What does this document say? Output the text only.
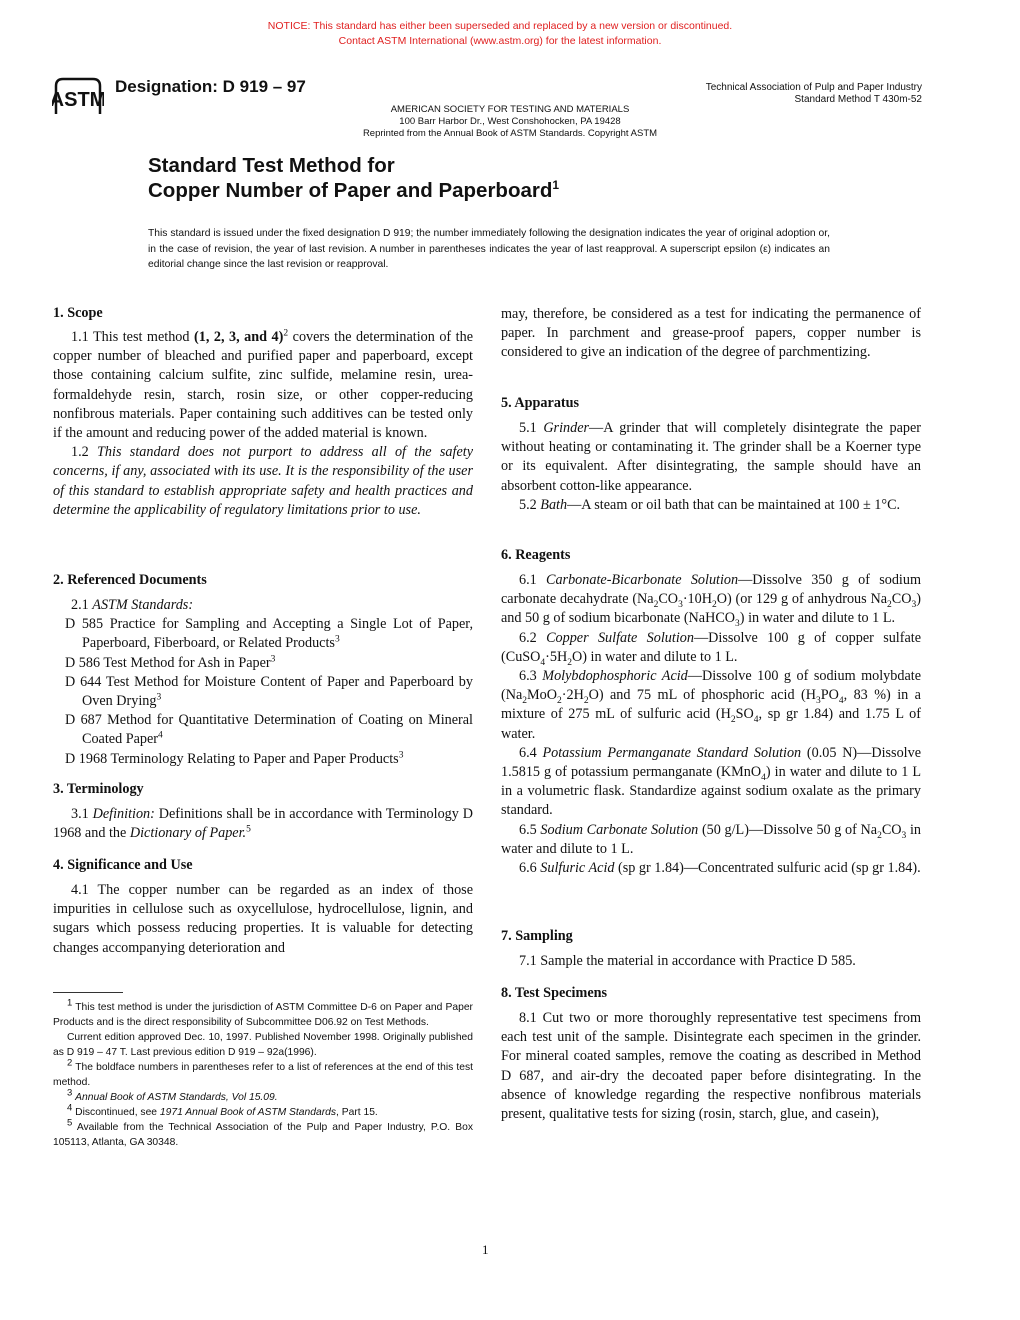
NOTICE: This standard has either been superseded and replaced by a new version or discontinued.
Contact ASTM International (www.astm.org) for the latest information.
ASTM
Designation: D 919 – 97	Technical Association of Pulp and Paper Industry
Standard Method T 430m-52
AMERICAN SOCIETY FOR TESTING AND MATERIALS
100 Barr Harbor Dr., West Conshohocken, PA 19428
Reprinted from the Annual Book of ASTM Standards. Copyright ASTM
Standard Test Method for
Copper Number of Paper and Paperboard$^1$
This standard is issued under the fixed designation D 919; the number immediately following the designation indicates the year of original adoption or, in the case of revision, the year of last revision. A number in parentheses indicates the year of last reapproval. A superscript epsilon (ε) indicates an editorial change since the last revision or reapproval.
1. Scope

1.1 This test method (1, 2, 3, and 4)$^2$ covers the determination of the copper number of bleached and purified paper and paperboard, except those containing calcium sulfite, zinc sulfide, melamine resin, urea-formaldehyde resin, starch, rosin size, or other copper-reducing nonfibrous materials. Paper containing such additives can be tested only if the amount and reducing power of the added material is known.

1.2 This standard does not purport to address all of the safety concerns, if any, associated with its use. It is the responsibility of the user of this standard to establish appropriate safety and health practices and determine the applicability of regulatory limitations prior to use.

2. Referenced Documents

2.1 ASTM Standards:

D 585 Practice for Sampling and Accepting a Single Lot of Paper, Paperboard, Fiberboard, or Related Products$^3$

D 586 Test Method for Ash in Paper$^3$

D 644 Test Method for Moisture Content of Paper and Paperboard by Oven Drying$^3$

D 687 Method for Quantitative Determination of Coating on Mineral Coated Paper$^4$

D 1968 Terminology Relating to Paper and Paper Products$^3$

3. Terminology

3.1 Definition: Definitions shall be in accordance with Terminology D 1968 and the Dictionary of Paper.$^5$

4. Significance and Use

4.1 The copper number can be regarded as an index of those impurities in cellulose such as oxycellulose, hydrocellulose, lignin, and sugars which possess reducing properties. It is valuable for detecting changes accompanying deterioration and

$^1$ This test method is under the jurisdiction of ASTM Committee D-6 on Paper and Paper Products and is the direct responsibility of Subcommittee D06.92 on Test Methods.

Current edition approved Dec. 10, 1997. Published November 1998. Originally published as D 919 – 47 T. Last previous edition D 919 – 92a(1996).

$^2$ The boldface numbers in parentheses refer to a list of references at the end of this test method.

$^3$ Annual Book of ASTM Standards, Vol 15.09.

$^4$ Discontinued, see 1971 Annual Book of ASTM Standards, Part 15.

$^5$ Available from the Technical Association of the Pulp and Paper Industry, P.O. Box 105113, Atlanta, GA 30348.

may, therefore, be considered as a test for indicating the permanence of paper. In parchment and grease-proof papers, copper number is considered to give an indication of the degree of parchmentizing.

5. Apparatus

5.1 Grinder—A grinder that will completely disintegrate the paper without heating or contaminating it. The grinder shall be a Koerner type or its equivalent. After disintegrating, the sample should have an absorbent cotton-like appearance.

5.2 Bath—A steam or oil bath that can be maintained at 100 ± 1°C.

6. Reagents

6.1 Carbonate-Bicarbonate Solution—Dissolve 350 g of sodium carbonate decahydrate $(Na_2CO_3\cdot 10H_2O)$ (or 129 g of anhydrous $Na_2CO_3$) and 50 g of sodium bicarbonate (NaHCO$_3$) in water and dilute to 1 L.

6.2 Copper Sulfate Solution—Dissolve 100 g of copper sulfate $(CuSO_4\cdot 5H_2O)$ in water and dilute to 1 L.

6.3 Molybdophosphoric Acid—Dissolve 100 g of sodium molybdate $(Na_2MoO_2\cdot 2H_2O)$ and 75 mL of phosphoric acid ($H_3PO_4$, 83 %) in a mixture of 275 mL of sulfuric acid ($H_2SO_4$, sp gr 1.84) and 1.75 L of water.

6.4 Potassium Permanganate Standard Solution (0.05 N)—Dissolve 1.5815 g of potassium permanganate (KMnO$_4$) in water and dilute to 1 L in a volumetric flask. Standardize against sodium oxalate as the primary standard.

6.5 Sodium Carbonate Solution (50 g/L)—Dissolve 50 g of $Na_2CO_3$ in water and dilute to 1 L.

6.6 Sulfuric Acid (sp gr 1.84)—Concentrated sulfuric acid (sp gr 1.84).

7. Sampling

7.1 Sample the material in accordance with Practice D 585.

8. Test Specimens

8.1 Cut two or more thoroughly representative test specimens from each test unit of the sample. Disintegrate each specimen in the grinder. For mineral coated samples, remove the coating as described in Method D 687, and air-dry the decoated paper before disintegrating. In the absence of knowledge regarding the respective nonfibrous materials present, qualitative tests for sizing (rosin, starch, glue, and casein),

1
